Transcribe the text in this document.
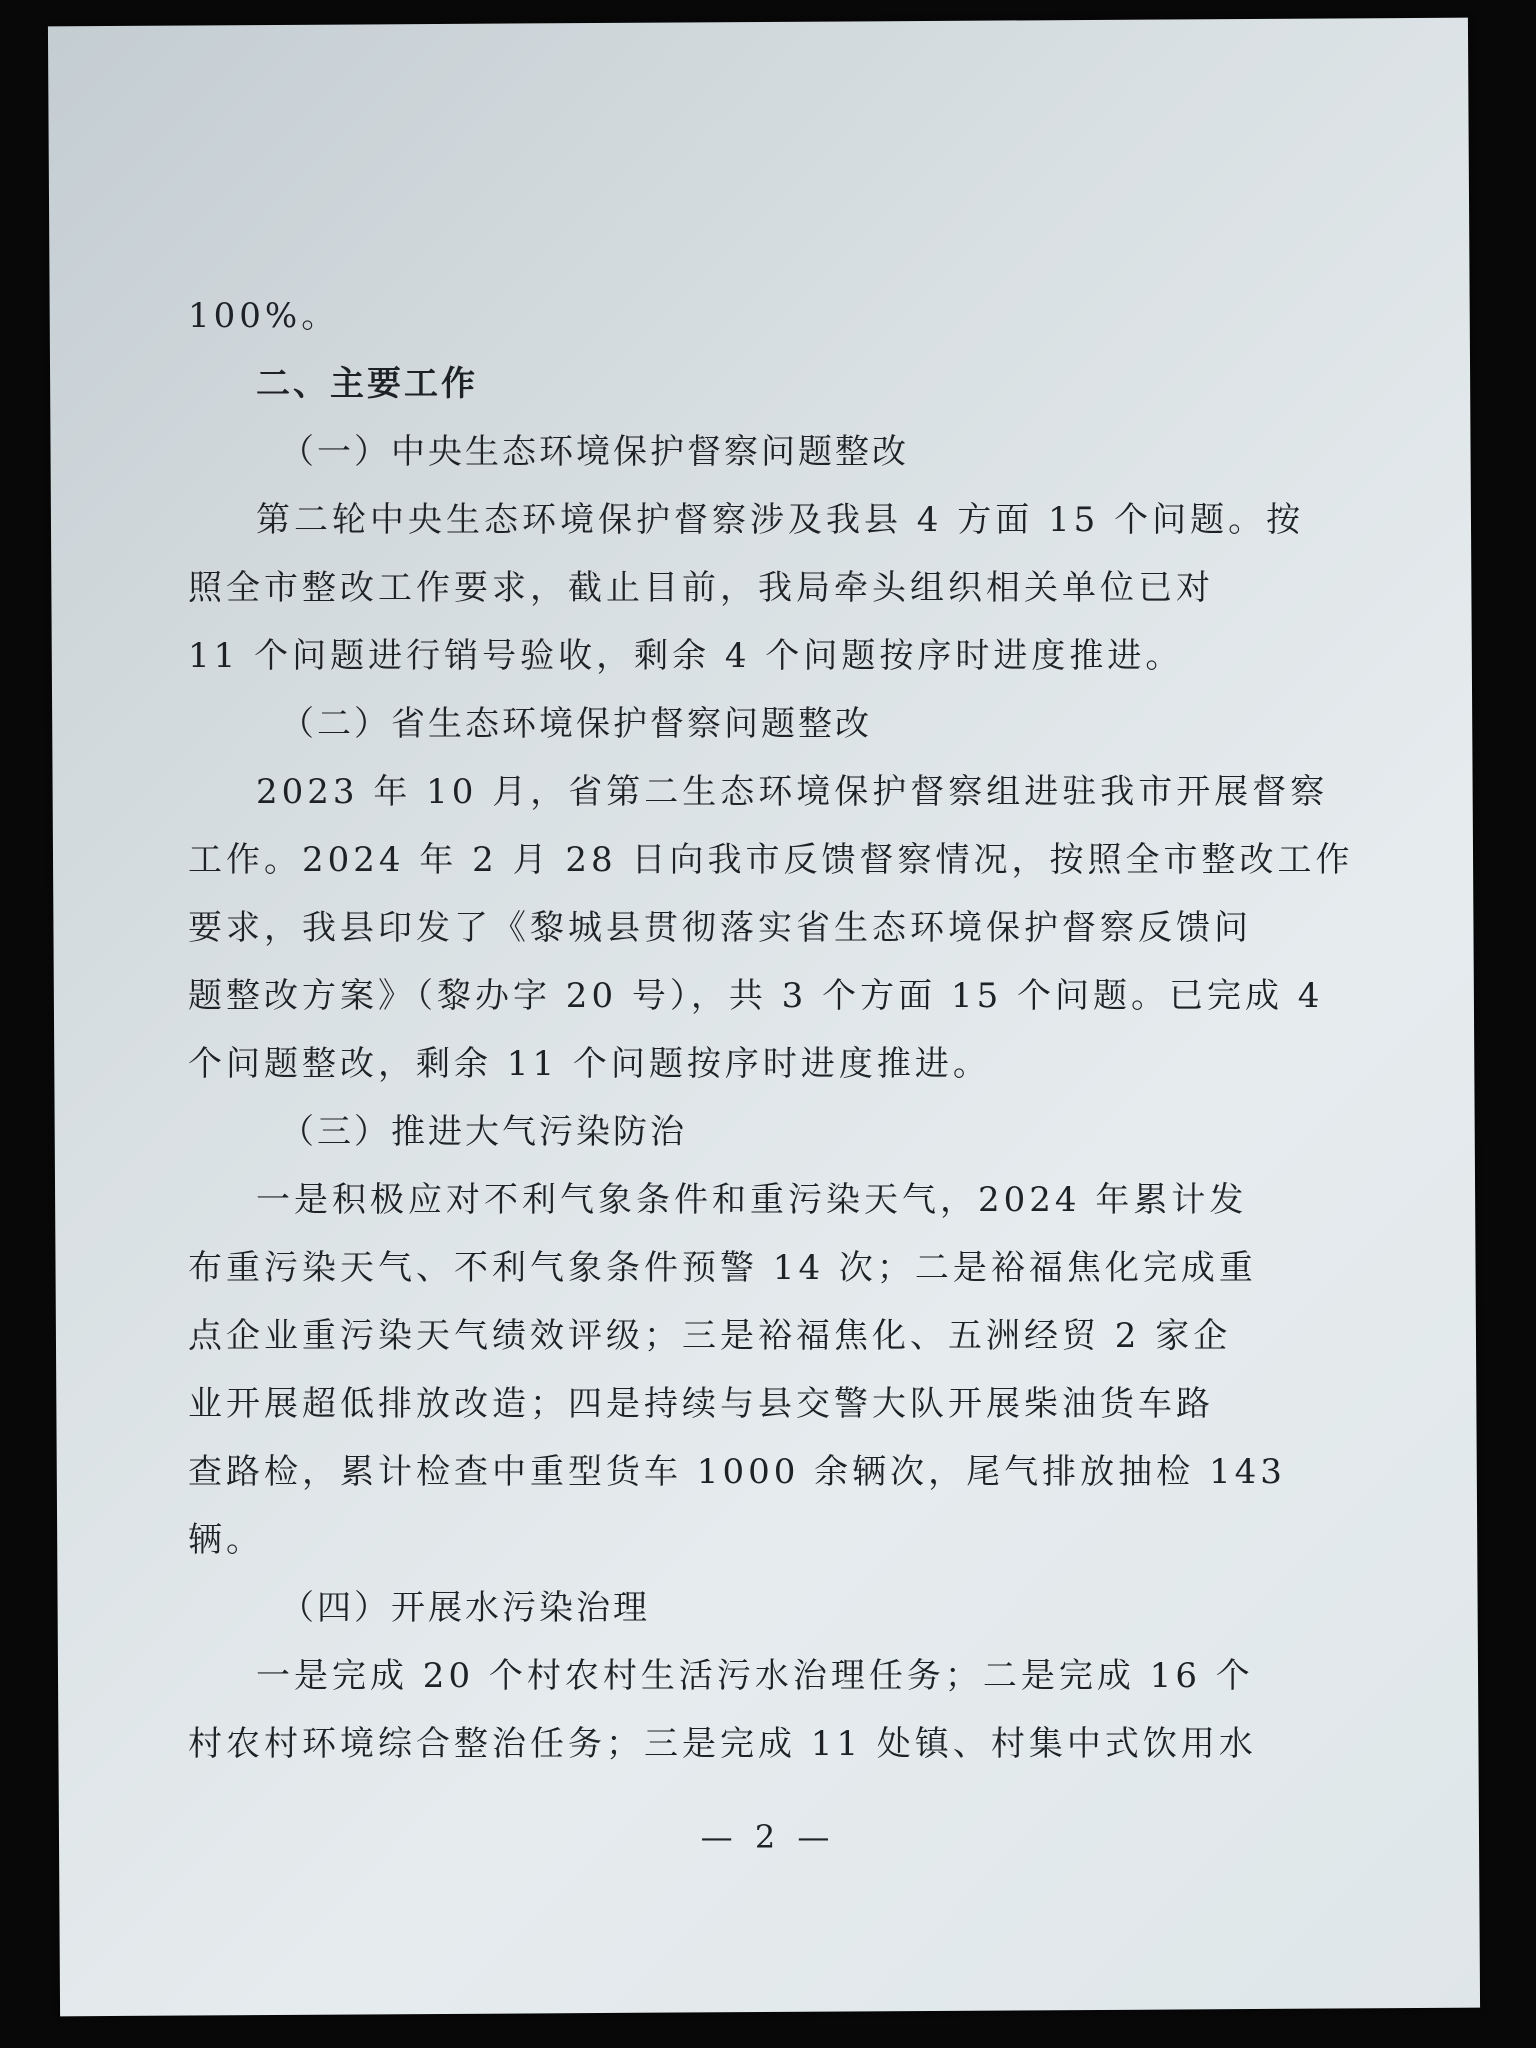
100%。
二、主要工作
（一）中央生态环境保护督察问题整改
第二轮中央生态环境保护督察涉及我县 4 方面 15 个问题。按
照全市整改工作要求，截止目前，我局牵头组织相关单位已对
11 个问题进行销号验收，剩余 4 个问题按序时进度推进。
（二）省生态环境保护督察问题整改
2023 年 10 月，省第二生态环境保护督察组进驻我市开展督察
工作。2024 年 2 月 28 日向我市反馈督察情况，按照全市整改工作
要求，我县印发了《黎城县贯彻落实省生态环境保护督察反馈问
题整改方案》（黎办字 20 号），共 3 个方面 15 个问题。已完成 4
个问题整改，剩余 11 个问题按序时进度推进。
（三）推进大气污染防治
一是积极应对不利气象条件和重污染天气，2024 年累计发
布重污染天气、不利气象条件预警 14 次；二是裕福焦化完成重
点企业重污染天气绩效评级；三是裕福焦化、五洲经贸 2 家企
业开展超低排放改造；四是持续与县交警大队开展柴油货车路
查路检，累计检查中重型货车 1000 余辆次，尾气排放抽检 143
辆。
（四）开展水污染治理
一是完成 20 个村农村生活污水治理任务；二是完成 16 个
村农村环境综合整治任务；三是完成 11 处镇、村集中式饮用水
— 2 —
